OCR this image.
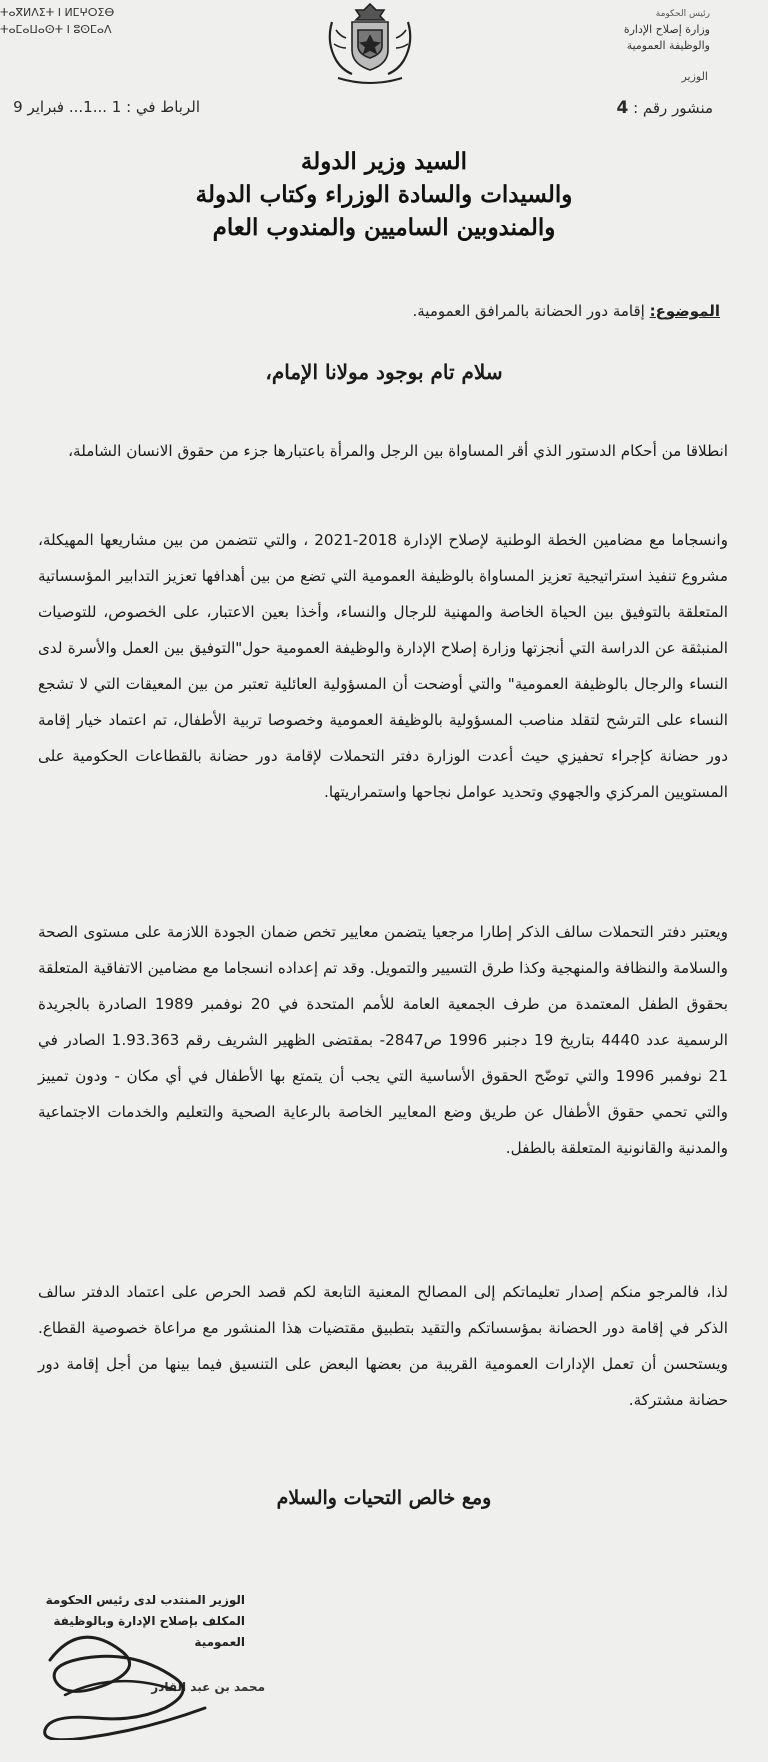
ⵜⴰⴳⵍⴷⵉⵜ ⵏ ⵍⵎⵖⵔⵉⴱ
ⵜⴰⵎⴰⵡⴰⵙⵜ ⵏ ⵓⵙⵎⴰⴷ
رئيس الحكومة
وزارة إصلاح الإدارة
والوظيفة العمومية
الوزير
منشور رقم : 4
الرباط في : 1 ...1... فبراير 9
السيد وزير الدولة
والسيدات والسادة الوزراء وكتاب الدولة
والمندوبين الساميين والمندوب العام
الموضوع: إقامة دور الحضانة بالمرافق العمومية.
سلام تام بوجود مولانا الإمام،
انطلاقا من أحكام الدستور الذي أقر المساواة بين الرجل والمرأة باعتبارها جزء من حقوق الانسان الشاملة،
وانسجاما مع مضامين الخطة الوطنية لإصلاح الإدارة 2018-2021 ، والتي تتضمن من بين مشاريعها المهيكلة، مشروع تنفيذ استراتيجية تعزيز المساواة بالوظيفة العمومية التي تضع من بين أهدافها تعزيز التدابير المؤسساتية المتعلقة بالتوفيق بين الحياة الخاصة والمهنية للرجال والنساء، وأخذا بعين الاعتبار، على الخصوص، للتوصيات المنبثقة عن الدراسة التي أنجزتها وزارة إصلاح الإدارة والوظيفة العمومية حول"التوفيق بين العمل والأسرة لدى النساء والرجال بالوظيفة العمومية" والتي أوضحت أن المسؤولية العائلية تعتبر من بين المعيقات التي لا تشجع النساء على الترشح لتقلد مناصب المسؤولية بالوظيفة العمومية وخصوصا تربية الأطفال، تم اعتماد خيار إقامة دور حضانة كإجراء تحفيزي حيث أعدت الوزارة دفتر التحملات لإقامة دور حضانة بالقطاعات الحكومية على المستويين المركزي والجهوي وتحديد عوامل نجاحها واستمراريتها.
ويعتبر دفتر التحملات سالف الذكر إطارا مرجعيا يتضمن معايير تخص ضمان الجودة اللازمة على مستوى الصحة والسلامة والنظافة والمنهجية وكذا طرق التسيير والتمويل. وقد تم إعداده انسجاما مع مضامين الاتفاقية المتعلقة بحقوق الطفل المعتمدة من طرف الجمعية العامة للأمم المتحدة في 20 نوفمبر 1989 الصادرة بالجريدة الرسمية عدد 4440 بتاريخ 19 دجنبر 1996 ص2847- بمقتضى الظهير الشريف رقم 1.93.363 الصادر في 21 نوفمبر 1996 والتي توضّح الحقوق الأساسية التي يجب أن يتمتع بها الأطفال في أي مكان - ودون تمييز والتي تحمي حقوق الأطفال عن طريق وضع المعايير الخاصة بالرعاية الصحية والتعليم والخدمات الاجتماعية والمدنية والقانونية المتعلقة بالطفل.
لذا، فالمرجو منكم إصدار تعليماتكم إلى المصالح المعنية التابعة لكم قصد الحرص على اعتماد الدفتر سالف الذكر في إقامة دور الحضانة بمؤسساتكم والتقيد بتطبيق مقتضيات هذا المنشور مع مراعاة خصوصية القطاع. ويستحسن أن تعمل الإدارات العمومية القريبة من بعضها البعض على التنسيق فيما بينها من أجل إقامة دور حضانة مشتركة.
ومع خالص التحيات والسلام
الوزير المنتدب لدى رئيس الحكومة
المكلف بإصلاح الإدارة وبالوظيفة العمومية
محمد بن عبد القادر
